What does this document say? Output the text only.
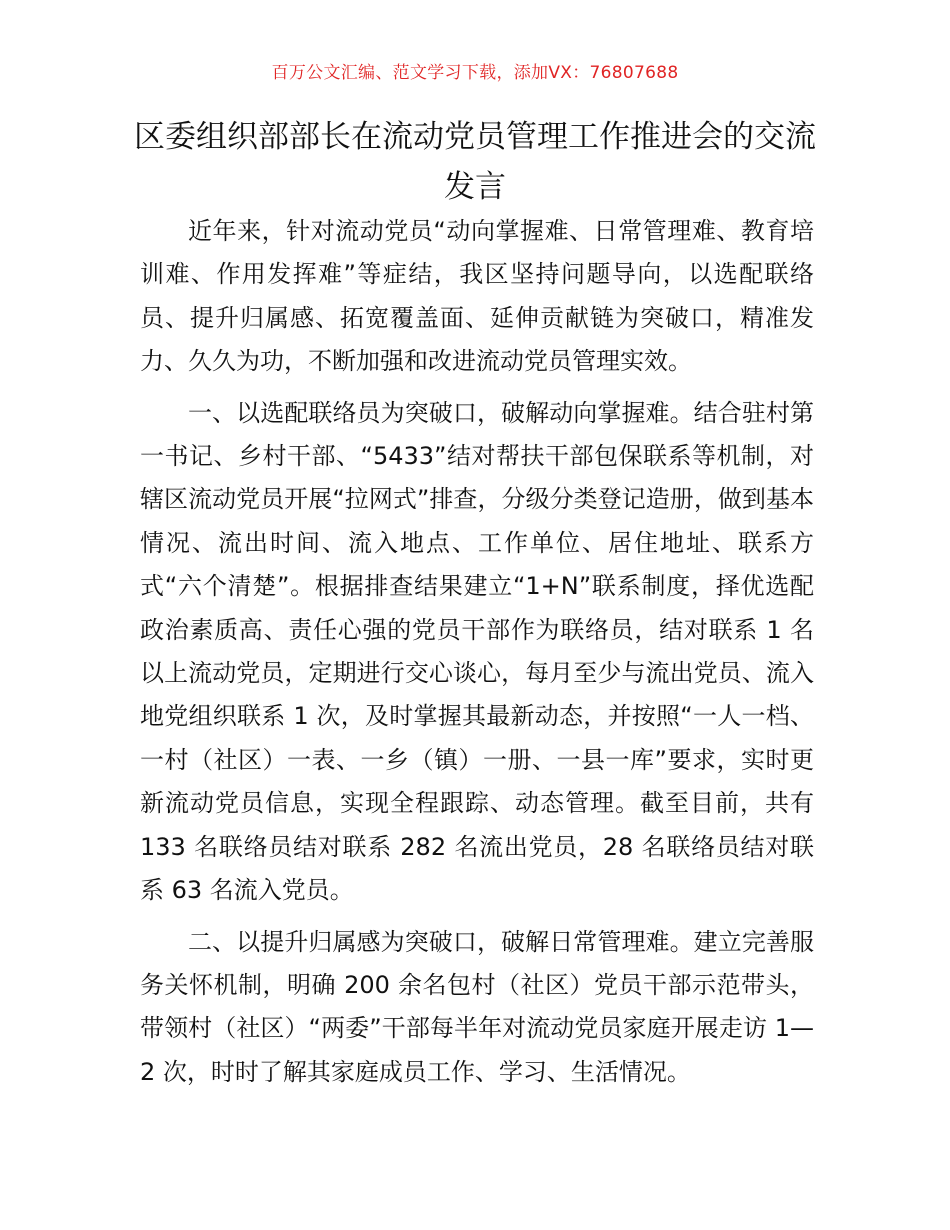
百万公文汇编、范文学习下载，添加VX：76807688
区委组织部部长在流动党员管理工作推进会的交流发言

近年来，针对流动党员“动向掌握难、日常管理难、教育培训难、作用发挥难”等症结，我区坚持问题导向，以选配联络员、提升归属感、拓宽覆盖面、延伸贡献链为突破口，精准发力、久久为功，不断加强和改进流动党员管理实效。

一、以选配联络员为突破口，破解动向掌握难。结合驻村第一书记、乡村干部、“5433”结对帮扶干部包保联系等机制，对辖区流动党员开展“拉网式”排查，分级分类登记造册，做到基本情况、流出时间、流入地点、工作单位、居住地址、联系方式“六个清楚”。根据排查结果建立“1+N”联系制度，择优选配政治素质高、责任心强的党员干部作为联络员，结对联系 1 名以上流动党员，定期进行交心谈心，每月至少与流出党员、流入地党组织联系 1 次，及时掌握其最新动态，并按照“一人一档、一村（社区）一表、一乡（镇）一册、一县一库”要求，实时更新流动党员信息，实现全程跟踪、动态管理。截至目前，共有 133 名联络员结对联系 282 名流出党员，28 名联络员结对联系 63 名流入党员。

二、以提升归属感为突破口，破解日常管理难。建立完善服务关怀机制，明确 200 余名包村（社区）党员干部示范带头，带领村（社区）“两委”干部每半年对流动党员家庭开展走访 1—2 次，时时了解其家庭成员工作、学习、生活情况。
